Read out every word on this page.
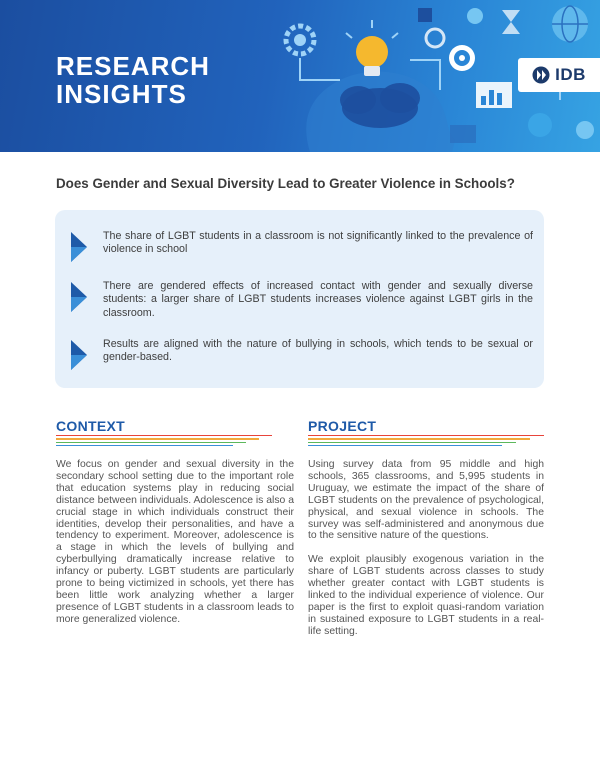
RESEARCH
INSIGHTS
IDB
Does Gender and Sexual Diversity Lead to Greater Violence in Schools?

The share of LGBT students in a classroom is not significantly linked to the prevalence of violence in school

There are gendered effects of increased contact with gender and sexually diverse students: a larger share of LGBT students increases violence against LGBT girls in the classroom.

Results are aligned with the nature of bullying in schools, which tends to be sexual or gender-based.

CONTEXT

We focus on gender and sexual diversity in the secondary school setting due to the important role that education systems play in reducing social distance between individuals. Adolescence is also a crucial stage in which individuals construct their identities, develop their personalities, and have a tendency to experiment. Moreover, adolescence is a stage in which the levels of bullying and cyberbullying dramatically increase relative to infancy or puberty. LGBT students are particularly prone to being victimized in schools, yet there has been little work analyzing whether a larger presence of LGBT students in a classroom leads to more generalized violence.

PROJECT

Using survey data from 95 middle and high schools, 365 classrooms, and 5,995 students in Uruguay, we estimate the impact of the share of LGBT students on the prevalence of psychological, physical, and sexual violence in schools. The survey was self-administered and anonymous due to the sensitive nature of the questions.

We exploit plausibly exogenous variation in the share of LGBT students across classes to study whether greater contact with LGBT students is linked to the individual experience of violence. Our paper is the first to exploit quasi-random variation in sustained exposure to LGBT students in a real-life setting.
